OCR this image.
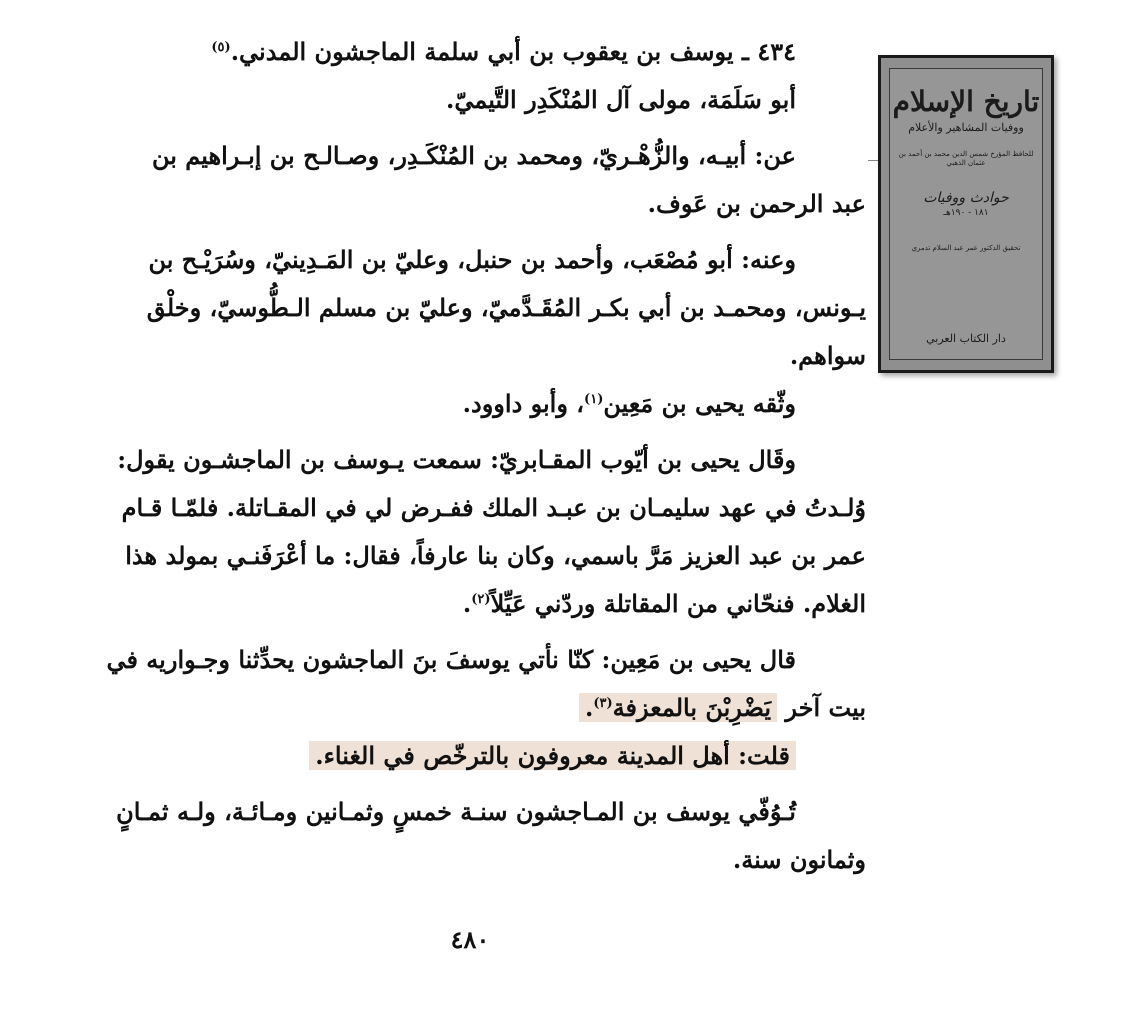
٤٣٤ ـ يوسف بن يعقوب بن أبي سلمة الماجشون المدني.$^{(٥)}$
أبو سَلَمَة، مولى آل المُنْكَدِر التَّيميّ.
عن: أبيـه، والزُّهْـريّ، ومحمد بن المُنْكَـدِر، وصـالـح بن إبـراهيم بن
عبد الرحمن بن عَوف.
وعنه: أبو مُصْعَب، وأحمد بن حنبل، وعليّ بن المَـدِينيّ، وسُرَيْـح بن
يـونس، ومحمـد بن أبي بكـر المُقَـدَّميّ، وعليّ بن مسلم الـطُّوسيّ، وخلْق
سواهم.
وثّقه يحيى بن مَعِين$^{(١)}$، وأبو داوود.
وقَال يحيى بن أيّوب المقـابريّ: سمعت يـوسف بن الماجشـون يقول:
وُلـدتُ في عهد سليمـان بن عبـد الملك ففـرض لي في المقـاتلة. فلمّـا قـام
عمر بن عبد العزيز مَرَّ باسمي، وكان بنا عارفاً، فقال: ما أعْرَفَنـي بمولد هذا
الغلام. فنحّاني من المقاتلة وردّني عَيِّلاً$^{(٢)}$.
قال يحيى بن مَعِين: كنّا نأتي يوسفَ بنَ الماجشون يحدِّثنا وجـواريه في
بيت آخر يَضْرِبْنَ بالمعزفة$^{(٣)}$.
قلت: أهل المدينة معروفون بالترخّص في الغناء.
تُـوُفّي يوسف بن المـاجشون سنـة خمسٍ وثمـانين ومـائـة، ولـه ثمـانٍ
وثمانون سنة.
٤٨٠
تاريخ الإسلام
ووفيات المشاهير والأعلام
للحافظ المؤرخ شمس الدين محمد بن أحمد بن عثمان الذهبي
حوادث ووفيات
١٨١ - ١٩٠هـ
تحقيق الدكتور عمر عبد السلام تدمري
دار الكتاب العربي
